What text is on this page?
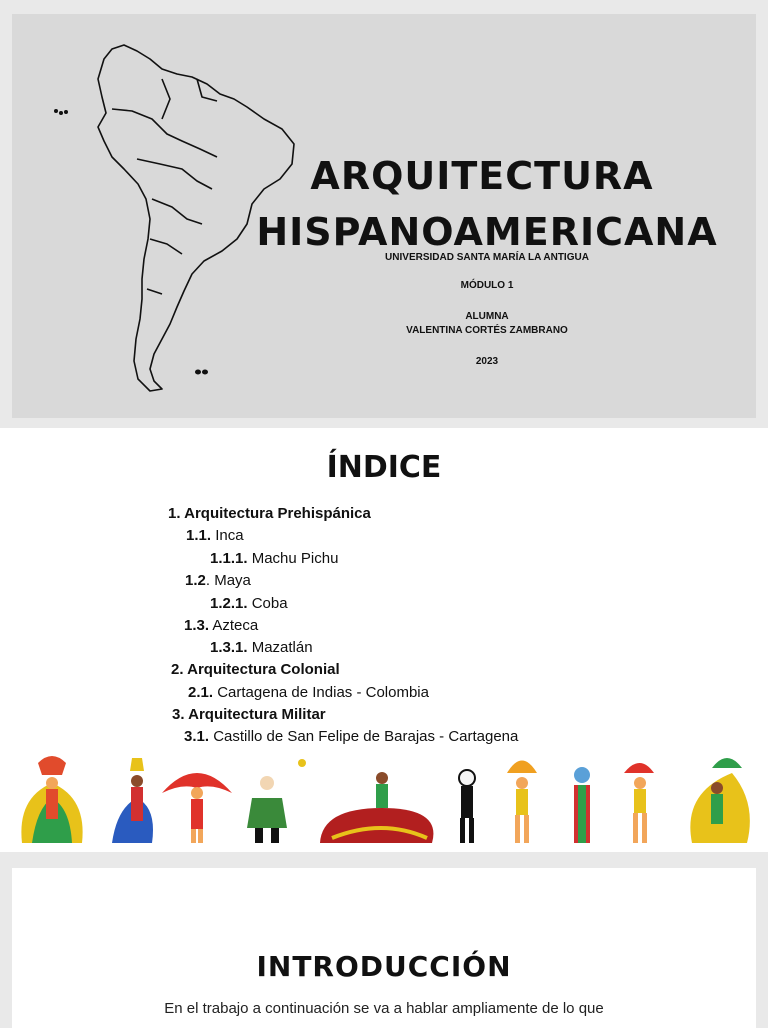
ARQUITECTURA
HISPANOAMERICANA
UNIVERSIDAD SANTA MARÍA LA ANTIGUA
MÓDULO 1
ALUMNA
VALENTINA CORTÉS ZAMBRANO
2023
ÍNDICE
1. Arquitectura Prehispánica
1.1. Inca
1.1.1. Machu Pichu
1.2. Maya
1.2.1. Coba
1.3. Azteca
1.3.1. Mazatlán
2. Arquitectura Colonial
2.1. Cartagena de Indias - Colombia
3. Arquitectura Militar
3.1. Castillo de San Felipe de Barajas - Cartagena
INTRODUCCIÓN
En el trabajo a continuación se va a hablar ampliamente de lo que
